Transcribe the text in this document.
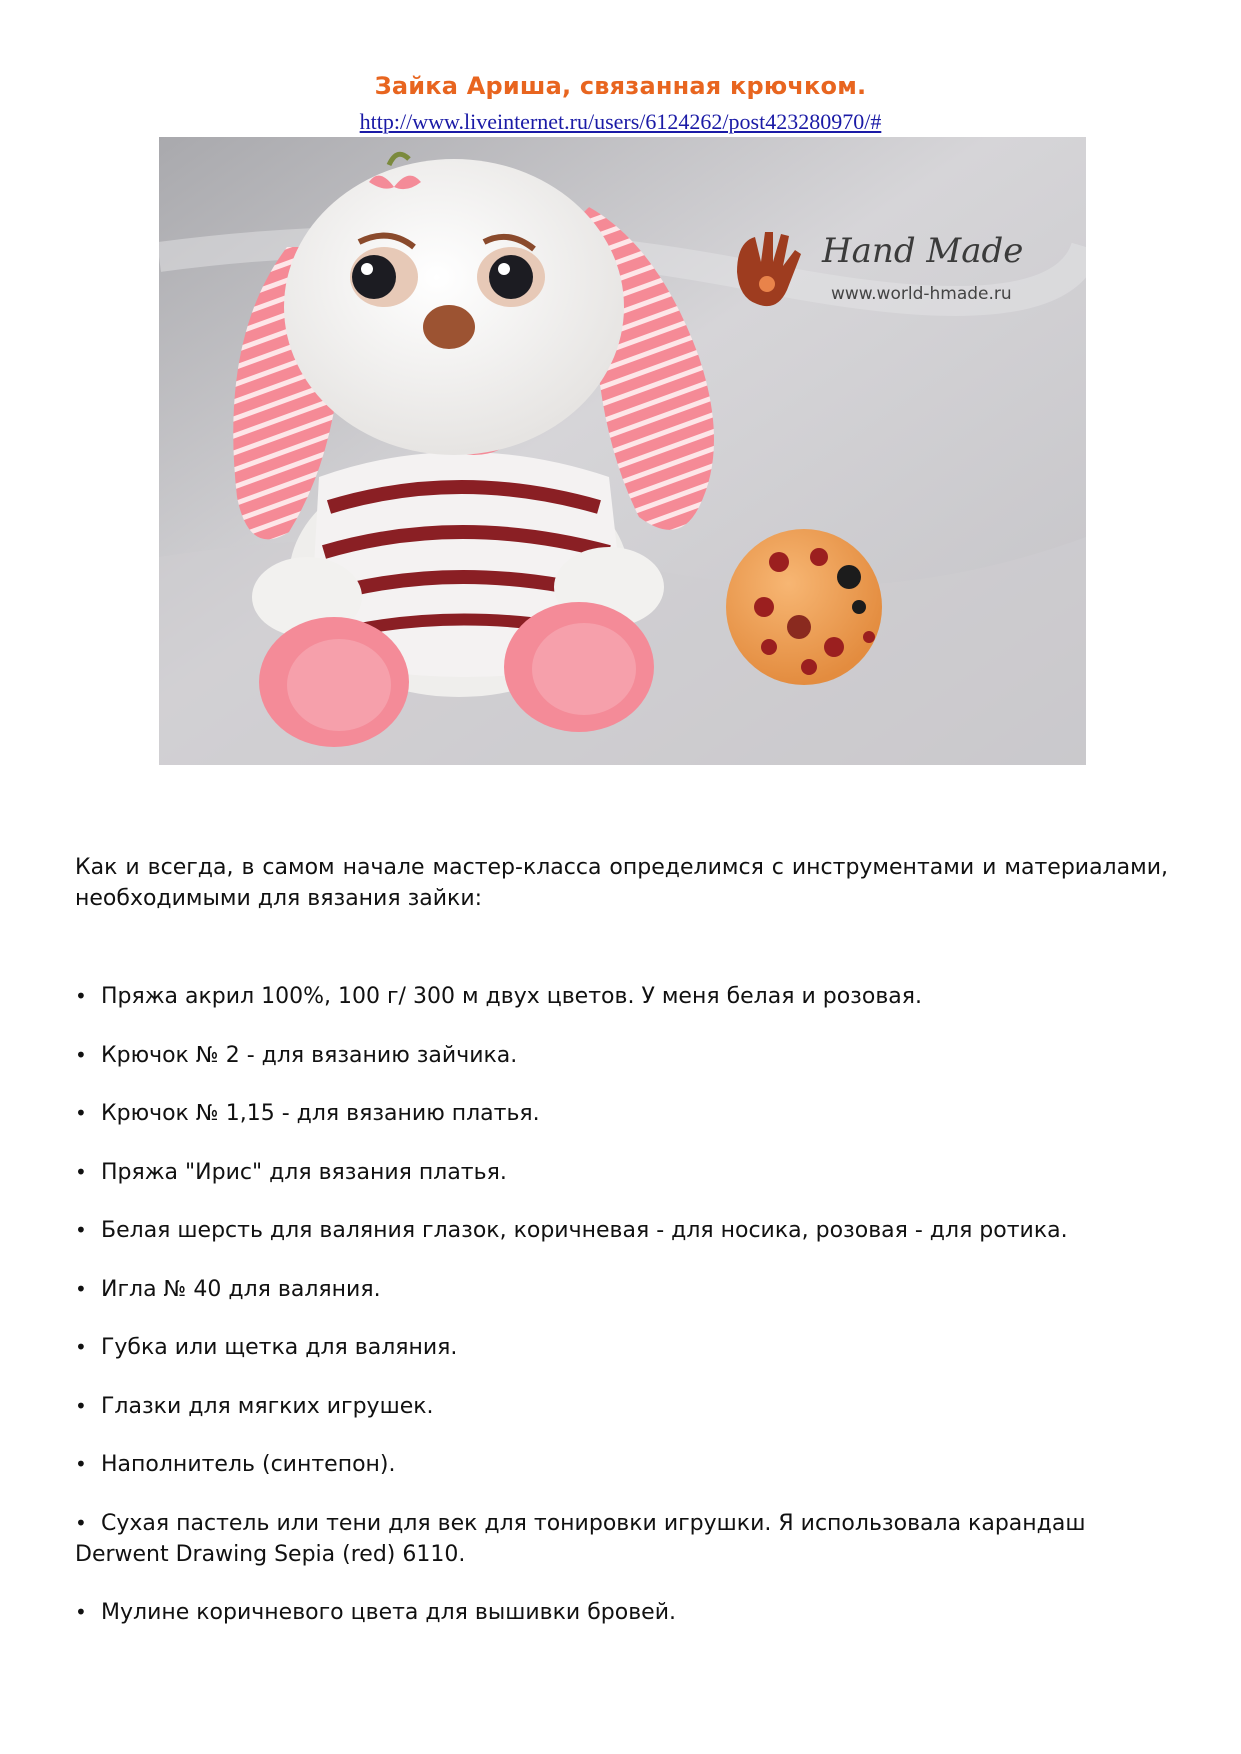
Зайка Ариша, связанная крючком.
http://www.liveinternet.ru/users/6124262/post423280970/#
Hand Made
www.world-hmade.ru

Как и всегда, в самом начале мастер-класса определимся с инструментами и материалами, необходимыми для вязания зайки:

• Пряжа акрил 100%, 100 г/ 300 м двух цветов. У меня белая и розовая.
• Крючок № 2 - для вязанию зайчика.
• Крючок № 1,15 - для вязанию платья.
• Пряжа "Ирис" для вязания платья.
• Белая шерсть для валяния глазок, коричневая - для носика, розовая - для ротика.
• Игла № 40 для валяния.
• Губка или щетка для валяния.
• Глазки для мягких игрушек.
• Наполнитель (синтепон).
• Сухая пастель или тени для век для тонировки игрушки. Я использовала карандаш Derwent Drawing Sepia (red) 6110.
• Мулине коричневого цвета для вышивки бровей.
